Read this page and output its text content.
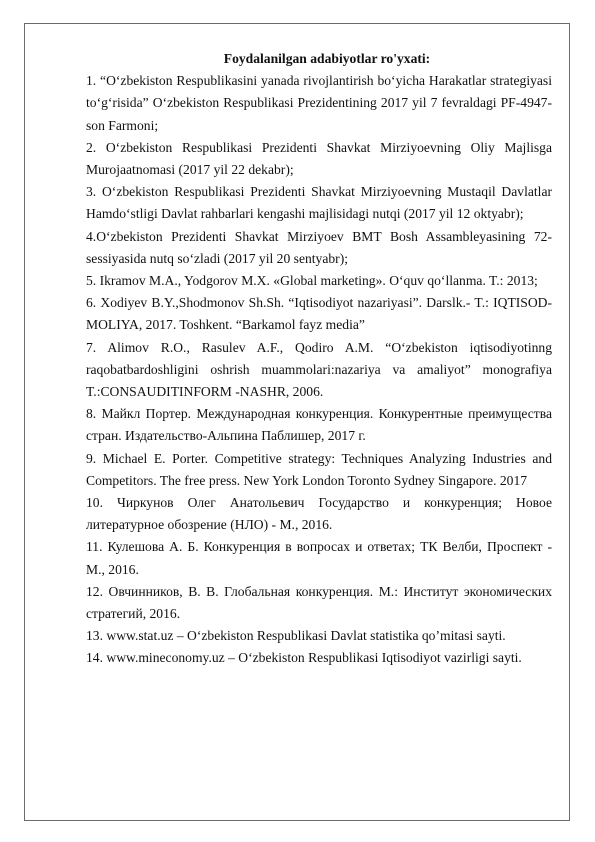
Foydalanilgan adabiyotlar ro'yxati:

1. “O‘zbekiston Respublikasini yanada rivojlantirish bo‘yicha Harakatlar strategiyasi to‘g‘risida” O‘zbekiston Respublikasi Prezidentining 2017 yil 7 fevraldagi PF-4947-son Farmoni;

2. O‘zbekiston Respublikasi Prezidenti Shavkat Mirziyoevning Oliy Majlisga Murojaatnomasi (2017 yil 22 dekabr);

3. O‘zbekiston Respublikasi Prezidenti Shavkat Mirziyoevning Mustaqil Davlatlar Hamdo‘stligi Davlat rahbarlari kengashi majlisidagi nutqi (2017 yil 12 oktyabr);

4.O‘zbekiston Prezidenti Shavkat Mirziyoev BMT Bosh Assambleyasining 72-sessiyasida nutq so‘zladi (2017 yil 20 sentyabr);

5. Ikramov M.A., Yodgorov M.X. «Global marketing». O‘quv qo‘llanma. T.: 2013;

6. Xodiyev B.Y.,Shodmonov Sh.Sh. “Iqtisodiyot nazariyasi”. Darslk.- T.: IQTISOD-MOLIYA, 2017. Toshkent. “Barkamol fayz media”

7. Alimov R.O., Rasulev A.F., Qodiro A.M. “O‘zbekiston iqtisodiyotinng raqobatbardoshligini oshrish muammolari:nazariya va amaliyot” monografiya T.:CONSAUDITINFORM -NASHR, 2006.

8. Майкл Портер. Международная конкуренция. Конкурентные преимущества стран. Издательство-Альпина Паблишер, 2017 г.

9. Michael E. Porter. Competitive strategy: Techniques Analyzing Industries and Competitors. The free press. New York London Toronto Sydney Singapore. 2017

10. Чиркунов Олег Анатольевич Государство и конкуренция; Новое литературное обозрение (НЛО) - М., 2016.

11. Кулешова А. Б. Конкуренция в вопросах и ответах; ТК Велби, Проспект - М., 2016.

12. Овчинников, В. В. Глобальная конкуренция. М.: Институт экономических стратегий, 2016.

13. www.stat.uz – O‘zbekiston Respublikasi Davlat statistika qo’mitasi sayti.

14. www.mineconomy.uz – O‘zbekiston Respublikasi Iqtisodiyot vazirligi sayti.
